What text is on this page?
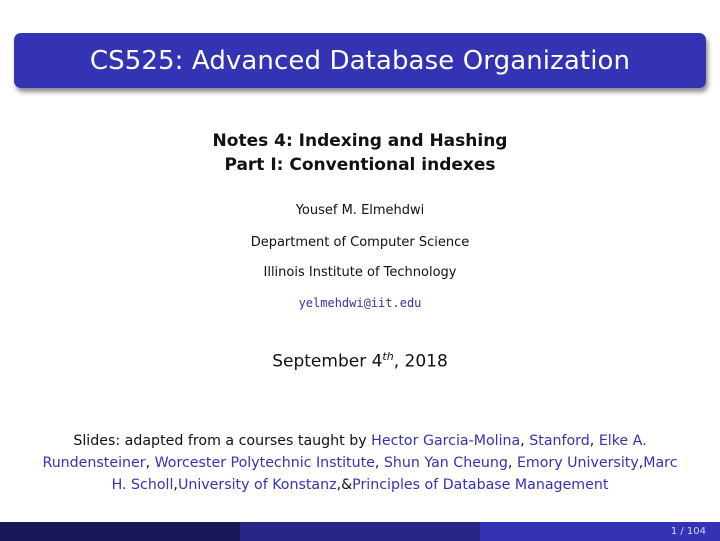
CS525: Advanced Database Organization
Notes 4: Indexing and Hashing
Part I: Conventional indexes
Yousef M. Elmehdwi
Department of Computer Science
Illinois Institute of Technology
yelmehdwi@iit.edu
September 4th, 2018
Slides: adapted from a courses taught by Hector Garcia-Molina, Stanford, Elke A. Rundensteiner, Worcester Polytechnic Institute, Shun Yan Cheung, Emory University,Marc H. Scholl,University of Konstanz,&Principles of Database Management
1 / 104
